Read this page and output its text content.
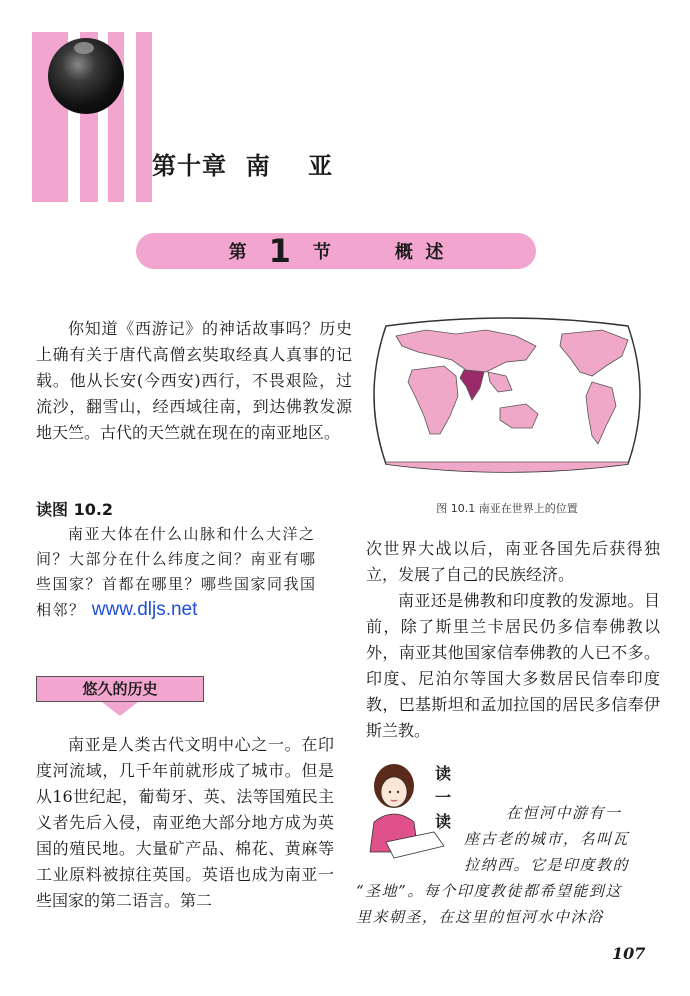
第十章  南    亚
第 1 节	概  述
你知道《西游记》的神话故事吗？历史上确有关于唐代高僧玄奘取经真人真事的记载。他从长安(今西安)西行，不畏艰险，过流沙，翻雪山，经西域往南，到达佛教发源地天竺。古代的天竺就在现在的南亚地区。
图 10.1 南亚在世界上的位置
读图 10.2
南亚大体在什么山脉和什么大洋之间？大部分在什么纬度之间？南亚有哪些国家？首都在哪里？哪些国家同我国相邻？ www.dljs.net
悠久的历史
南亚是人类古代文明中心之一。在印度河流域，几千年前就形成了城市。但是从16世纪起，葡萄牙、英、法等国殖民主义者先后入侵，南亚绝大部分地方成为英国的殖民地。大量矿产品、棉花、黄麻等工业原料被掠往英国。英语也成为南亚一些国家的第二语言。第二

次世界大战以后，南亚各国先后获得独立，发展了自己的民族经济。

南亚还是佛教和印度教的发源地。目前，除了斯里兰卡居民仍多信奉佛教以外，南亚其他国家信奉佛教的人已不多。印度、尼泊尔等国大多数居民信奉印度教，巴基斯坦和孟加拉国的居民多信奉伊斯兰教。

读
一
读	在恒河中游有一
座古老的城市，名叫瓦
拉纳西。它是印度教的
“圣地”。每个印度教徒都希望能到这
里来朝圣，在这里的恒河水中沐浴
107
